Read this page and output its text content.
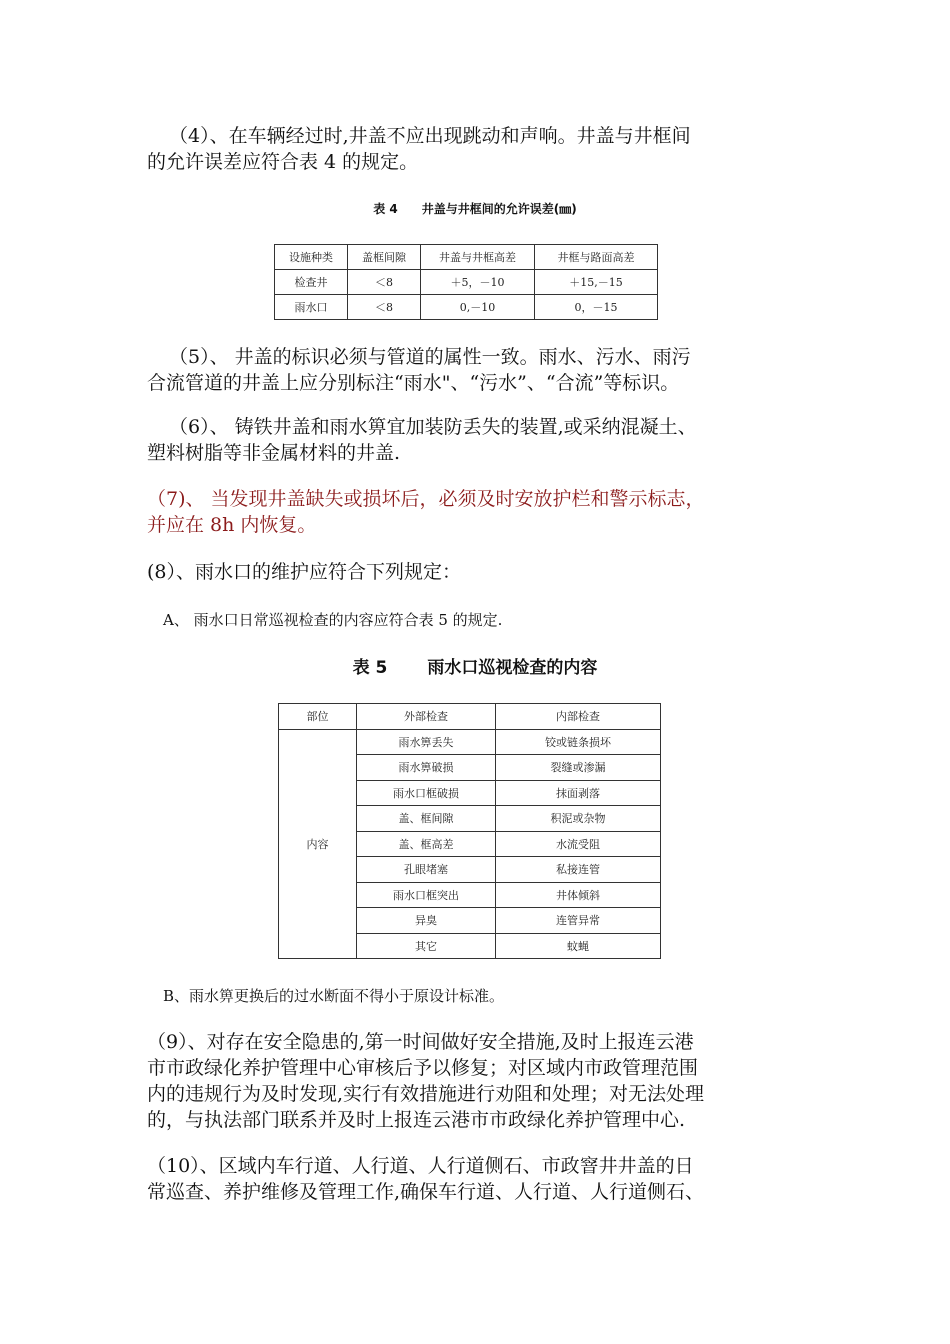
（4）、在车辆经过时,井盖不应出现跳动和声响。井盖与井框间
的允许误差应符合表 4 的规定。

表 4 井盖与井框间的允许误差(㎜)

设施种类	盖框间隙	井盖与井框高差	井框与路面高差
检查井	＜8	＋5，－10	＋15,－15
雨水口	＜8	0,－10	0，－15

（5）、 井盖的标识必须与管道的属性一致。雨水、污水、雨污
合流管道的井盖上应分别标注“雨水"、“污水”、“合流”等标识。

（6）、 铸铁井盖和雨水箅宜加装防丢失的装置,或采纳混凝土、
塑料树脂等非金属材料的井盖.

（7)、 当发现井盖缺失或损坏后，必须及时安放护栏和警示标志，
并应在 8h 内恢复。

(8）、雨水口的维护应符合下列规定：

A、 雨水口日常巡视检查的内容应符合表 5 的规定.

表 5 雨水口巡视检查的内容

部位	外部检查	内部检查
内容	雨水箅丢失	铰或链条损坏
	雨水箅破损	裂缝或渗漏
	雨水口框破损	抹面剥落
	盖、框间隙	积泥或杂物
	盖、框高差	水流受阻
	孔眼堵塞	私接连管
	雨水口框突出	井体倾斜
	异臭	连管异常
	其它	蚊蝇

B、雨水箅更换后的过水断面不得小于原设计标准。

（9）、对存在安全隐患的,第一时间做好安全措施,及时上报连云港
市市政绿化养护管理中心审核后予以修复；对区域内市政管理范围
内的违规行为及时发现,实行有效措施进行劝阻和处理；对无法处理
的，与执法部门联系并及时上报连云港市市政绿化养护管理中心.

（10）、区域内车行道、人行道、人行道侧石、市政窨井井盖的日
常巡查、养护维修及管理工作,确保车行道、人行道、人行道侧石、
